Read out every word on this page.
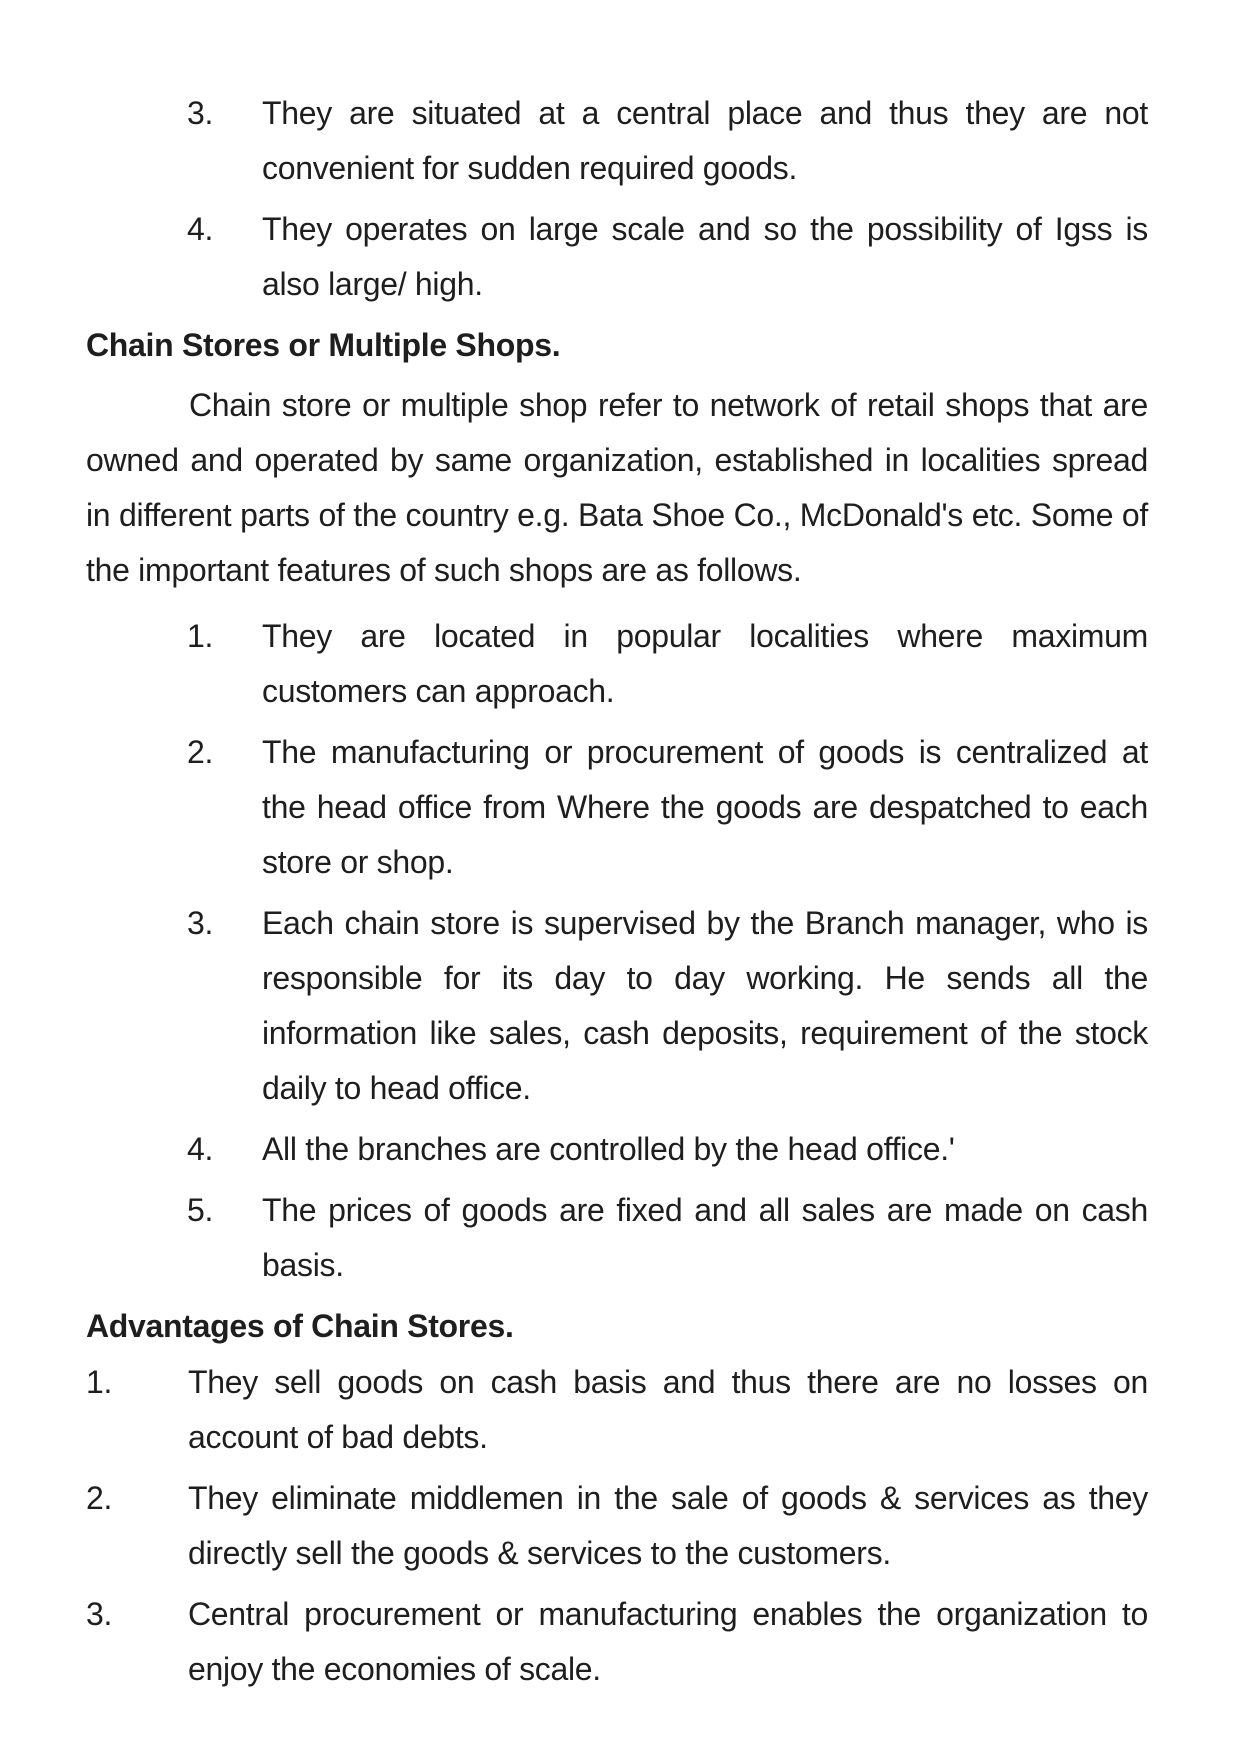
3. They are situated at a central place and thus they are not convenient for sudden required goods.
4. They operates on large scale and so the possibility of Igss is also large/ high.
Chain Stores or Multiple Shops.
Chain store or multiple shop refer to network of retail shops that are owned and operated by same organization, established in localities spread in different parts of the country e.g. Bata Shoe Co., McDonald's etc. Some of the important features of such shops are as follows.
1. They are located in popular localities where maximum customers can approach.
2. The manufacturing or procurement of goods is centralized at the head office from Where the goods are despatched to each store or shop.
3. Each chain store is supervised by the Branch manager, who is responsible for its day to day working. He sends all the information like sales, cash deposits, requirement of the stock daily to head office.
4. All the branches are controlled by the head office.'
5. The prices of goods are fixed and all sales are made on cash basis.
Advantages of Chain Stores.
1. They sell goods on cash basis and thus there are no losses on account of bad debts.
2. They eliminate middlemen in the sale of goods & services as they directly sell the goods & services to the customers.
3. Central procurement or manufacturing enables the organization to enjoy the economies of scale.
